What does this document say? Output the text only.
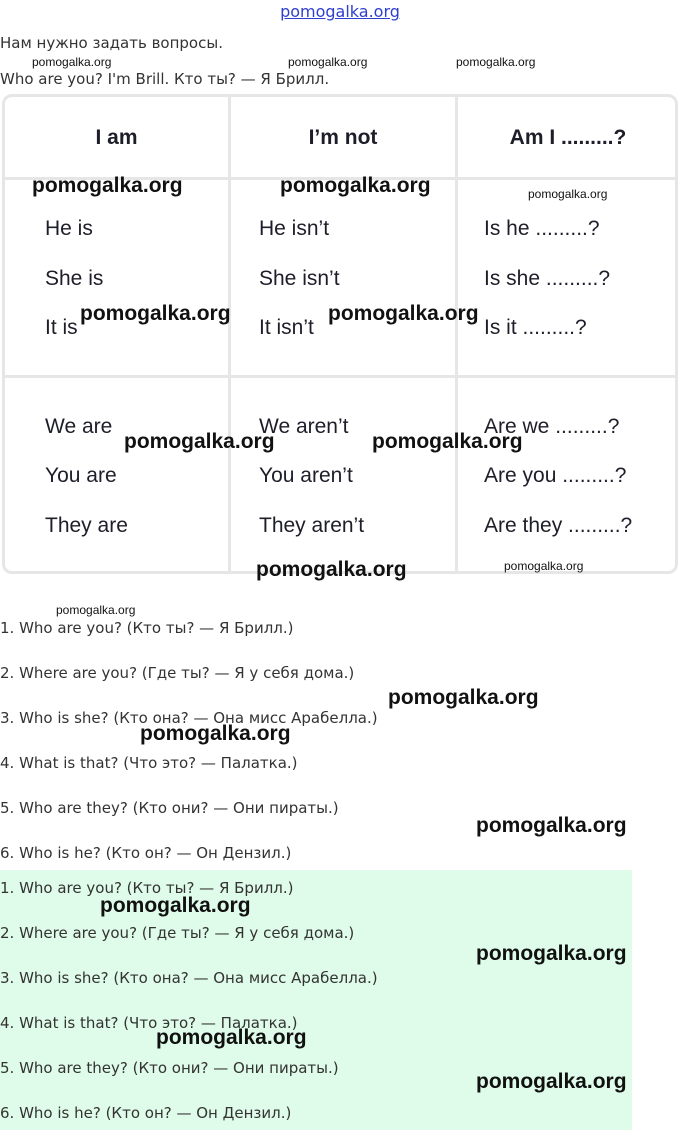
pomogalka.org
Нам нужно задать вопросы.
Who are you? I'm Brill. Кто ты? — Я Брилл.
I am	I’m not	Am I .........?
He is	He isn’t	Is he .........?
She is	She isn’t	Is she .........?
It is	It isn’t	Is it .........?
We are	We aren’t	Are we .........?
You are	You aren’t	Are you .........?
They are	They aren’t	Are they .........?
1. Who are you? (Кто ты? — Я Брилл.)
2. Where are you? (Где ты? — Я у себя дома.)
3. Who is she? (Кто она? — Она мисс Арабелла.)
4. What is that? (Что это? — Палатка.)
5. Who are they? (Кто они? — Они пираты.)
6. Who is he? (Кто он? — Он Дензил.)
1. Who are you? (Кто ты? — Я Брилл.)
2. Where are you? (Где ты? — Я у себя дома.)
3. Who is she? (Кто она? — Она мисс Арабелла.)
4. What is that? (Что это? — Палатка.)
5. Who are they? (Кто они? — Они пираты.)
6. Who is he? (Кто он? — Он Дензил.)
pomogalka.org	pomogalka.org	pomogalka.org
pomogalka.org	pomogalka.org	pomogalka.org
pomogalka.org	pomogalka.org
pomogalka.org	pomogalka.org
pomogalka.org	pomogalka.org
pomogalka.org
pomogalka.org
pomogalka.org
pomogalka.org
pomogalka.org
pomogalka.org
pomogalka.org
pomogalka.org
